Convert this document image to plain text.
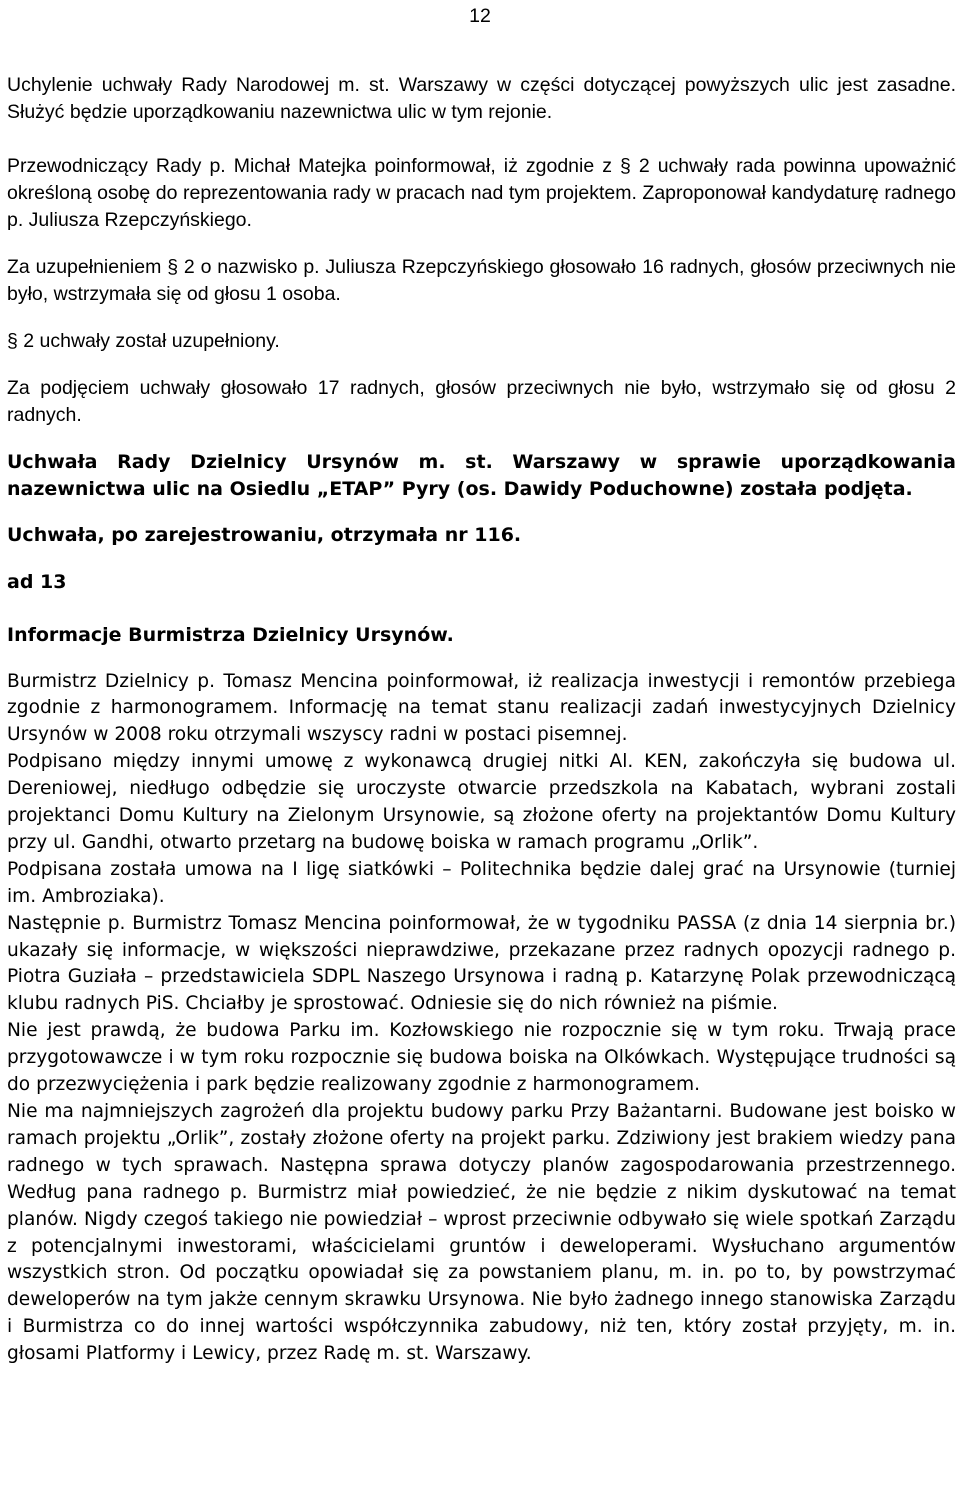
12

Uchylenie uchwały Rady Narodowej m. st. Warszawy w części dotyczącej powyższych ulic jest zasadne. Służyć będzie uporządkowaniu nazewnictwa ulic w tym rejonie.

Przewodniczący Rady p. Michał Matejka poinformował, iż zgodnie z § 2 uchwały rada powinna upoważnić określoną osobę do reprezentowania rady w pracach nad tym projektem. Zaproponował kandydaturę radnego p. Juliusza Rzepczyńskiego.

Za uzupełnieniem § 2 o nazwisko p. Juliusza Rzepczyńskiego głosowało 16 radnych, głosów przeciwnych nie było, wstrzymała się od głosu 1 osoba.

§ 2 uchwały został uzupełniony.

Za podjęciem uchwały głosowało 17 radnych, głosów przeciwnych nie było, wstrzymało się od głosu 2 radnych.

Uchwała Rady Dzielnicy Ursynów m. st. Warszawy w sprawie uporządkowania nazewnictwa ulic na Osiedlu „ETAP” Pyry (os. Dawidy Poduchowne) została podjęta.

Uchwała, po zarejestrowaniu, otrzymała nr 116.

ad 13

Informacje Burmistrza Dzielnicy Ursynów.

Burmistrz Dzielnicy p. Tomasz Mencina poinformował, iż realizacja inwestycji i remontów przebiega zgodnie z harmonogramem. Informację na temat stanu realizacji zadań inwestycyjnych Dzielnicy Ursynów w 2008 roku otrzymali wszyscy radni w postaci pisemnej.

Podpisano między innymi umowę z wykonawcą drugiej nitki Al. KEN, zakończyła się budowa ul. Dereniowej, niedługo odbędzie się uroczyste otwarcie przedszkola na Kabatach, wybrani zostali projektanci Domu Kultury na Zielonym Ursynowie, są złożone oferty na projektantów Domu Kultury przy ul. Gandhi, otwarto przetarg na budowę boiska w ramach programu „Orlik”.

Podpisana została umowa na I ligę siatkówki – Politechnika będzie dalej grać na Ursynowie (turniej im. Ambroziaka).

Następnie p. Burmistrz Tomasz Mencina poinformował, że w tygodniku PASSA (z dnia 14 sierpnia br.) ukazały się informacje, w większości nieprawdziwe, przekazane przez radnych opozycji radnego p. Piotra Guziała – przedstawiciela SDPL Naszego Ursynowa i radną p. Katarzynę Polak przewodniczącą klubu radnych PiS. Chciałby je sprostować. Odniesie się do nich również na piśmie.

Nie jest prawdą, że budowa Parku im. Kozłowskiego nie rozpocznie się w tym roku. Trwają prace przygotowawcze i w tym roku rozpocznie się budowa boiska na Olkówkach. Występujące trudności są do przezwyciężenia i park będzie realizowany zgodnie z harmonogramem.

Nie ma najmniejszych zagrożeń dla projektu budowy parku Przy Bażantarni. Budowane jest boisko w ramach projektu „Orlik”, zostały złożone oferty na projekt parku. Zdziwiony jest brakiem wiedzy pana radnego w tych sprawach. Następna sprawa dotyczy planów zagospodarowania przestrzennego. Według pana radnego p. Burmistrz miał powiedzieć, że nie będzie z nikim dyskutować na temat planów. Nigdy czegoś takiego nie powiedział – wprost przeciwnie odbywało się wiele spotkań Zarządu z potencjalnymi inwestorami, właścicielami gruntów i deweloperami. Wysłuchano argumentów wszystkich stron. Od początku opowiadał się za powstaniem planu, m. in. po to, by powstrzymać deweloperów na tym jakże cennym skrawku Ursynowa. Nie było żadnego innego stanowiska Zarządu i Burmistrza co do innej wartości współczynnika zabudowy, niż ten, który został przyjęty, m. in. głosami Platformy i Lewicy, przez Radę m. st. Warszawy.
